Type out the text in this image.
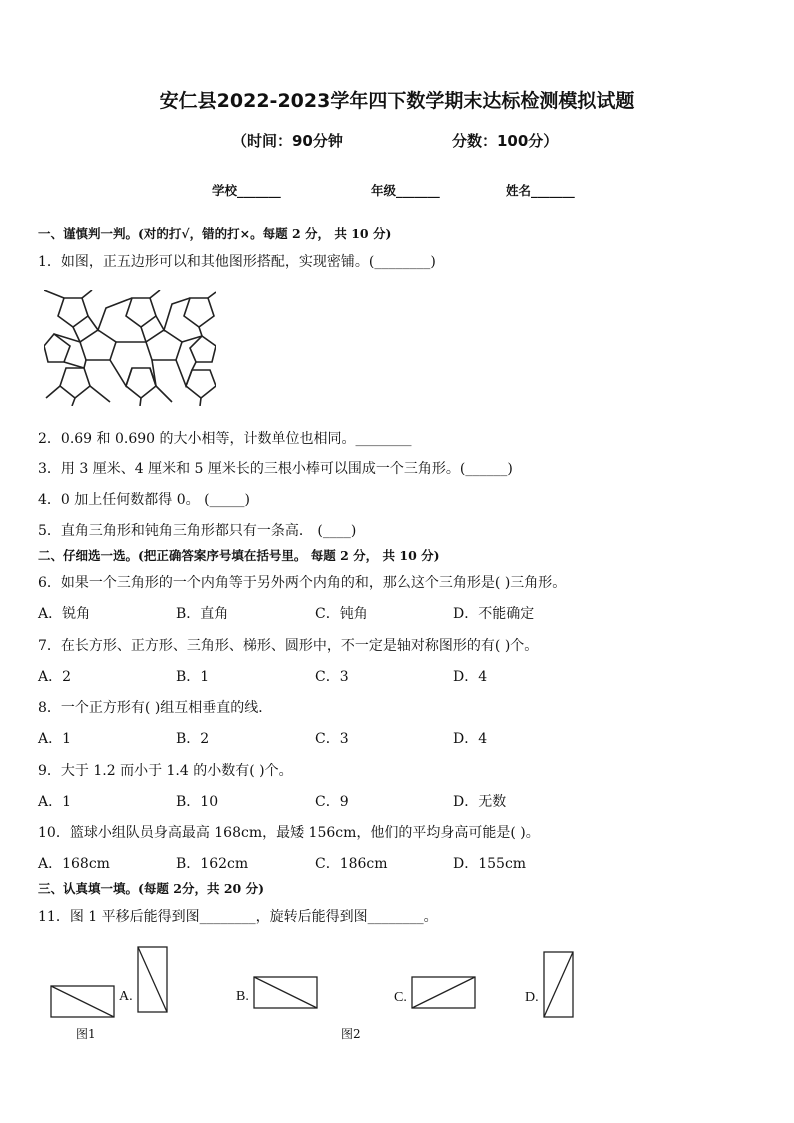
安仁县2022-2023学年四下数学期末达标检测模拟试题
（时间：90分钟	分数：100分）
学校_______	年级_______	姓名_______
一、谨慎判一判。(对的打√，错的打×。每题 2 分， 共 10 分)
1．如图，正五边形可以和其他图形搭配，实现密铺。(________)
2．0.69 和 0.690 的大小相等，计数单位也相同。________
3．用 3 厘米、4 厘米和 5 厘米长的三根小棒可以围成一个三角形。(______)
4．0 加上任何数都得 0。 (_____)
5．直角三角形和钝角三角形都只有一条高． (____)
二、仔细选一选。(把正确答案序号填在括号里。 每题 2 分， 共 10 分)
6．如果一个三角形的一个内角等于另外两个内角的和，那么这个三角形是( )三角形。
A．锐角	B．直角	C．钝角	D．不能确定
7．在长方形、正方形、三角形、梯形、圆形中，不一定是轴对称图形的有( )个。
A．2	B．1	C．3	D．4
8．一个正方形有( )组互相垂直的线．
A．1	B．2	C．3	D．4
9．大于 1.2 而小于 1.4 的小数有( )个。
A．1	B．10	C．9	D．无数
10．篮球小组队员身高最高 168cm，最矮 156cm，他们的平均身高可能是( )。
A．168cm	B．162cm	C．186cm	D．155cm
三、认真填一填。(每题 2分，共 20 分)
11．图 1 平移后能得到图________，旋转后能得到图________。
A.	B.	C.	D.
图1	图2
